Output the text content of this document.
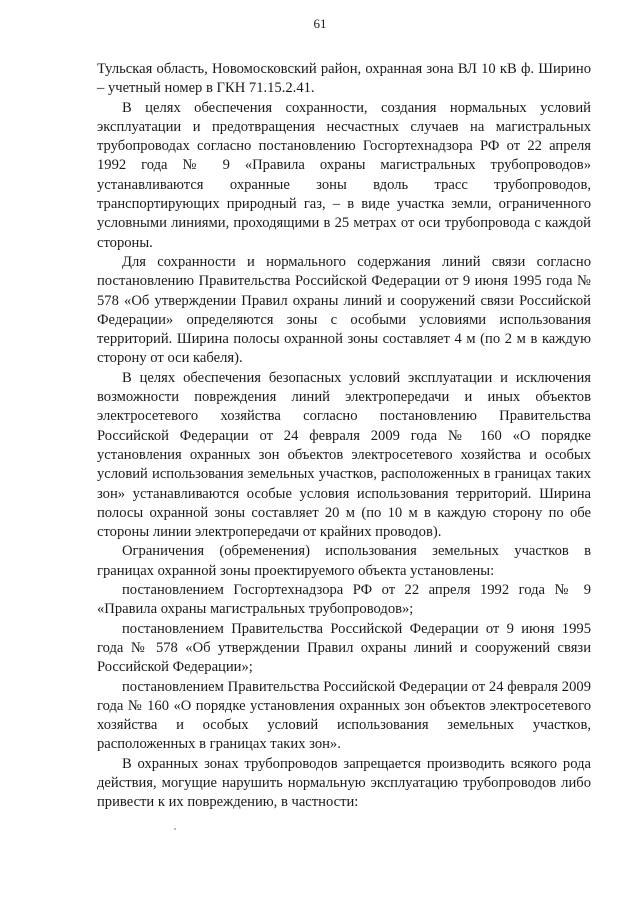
61

Тульская область, Новомосковский район, охранная зона ВЛ 10 кВ ф. Ширино – учетный номер в ГКН 71.15.2.41.

В целях обеспечения сохранности, создания нормальных условий эксплуатации и предотвращения несчастных случаев на магистральных трубопроводах согласно постановлению Госгортехнадзора РФ от 22 апреля 1992 года № 9 «Правила охраны магистральных трубопроводов» устанавливаются охранные зоны вдоль трасс трубопроводов, транспортирующих природный газ, – в виде участка земли, ограниченного условными линиями, проходящими в 25 метрах от оси трубопровода с каждой стороны.

Для сохранности и нормального содержания линий связи согласно постановлению Правительства Российской Федерации от 9 июня 1995 года № 578 «Об утверждении Правил охраны линий и сооружений связи Российской Федерации» определяются зоны с особыми условиями использования территорий. Ширина полосы охранной зоны составляет 4 м (по 2 м в каждую сторону от оси кабеля).

В целях обеспечения безопасных условий эксплуатации и исключения возможности повреждения линий электропередачи и иных объектов электросетевого хозяйства согласно постановлению Правительства Российской Федерации от 24 февраля 2009 года № 160 «О порядке установления охранных зон объектов электросетевого хозяйства и особых условий использования земельных участков, расположенных в границах таких зон» устанавливаются особые условия использования территорий. Ширина полосы охранной зоны составляет 20 м (по 10 м в каждую сторону по обе стороны линии электропередачи от крайних проводов).

Ограничения (обременения) использования земельных участков в границах охранной зоны проектируемого объекта установлены:

постановлением Госгортехнадзора РФ от 22 апреля 1992 года № 9 «Правила охраны магистральных трубопроводов»;

постановлением Правительства Российской Федерации от 9 июня 1995 года № 578 «Об утверждении Правил охраны линий и сооружений связи Российской Федерации»;

постановлением Правительства Российской Федерации от 24 февраля 2009 года № 160 «О порядке установления охранных зон объектов электросетевого хозяйства и особых условий использования земельных участков, расположенных в границах таких зон».

В охранных зонах трубопроводов запрещается производить всякого рода действия, могущие нарушить нормальную эксплуатацию трубопроводов либо привести к их повреждению, в частности:
